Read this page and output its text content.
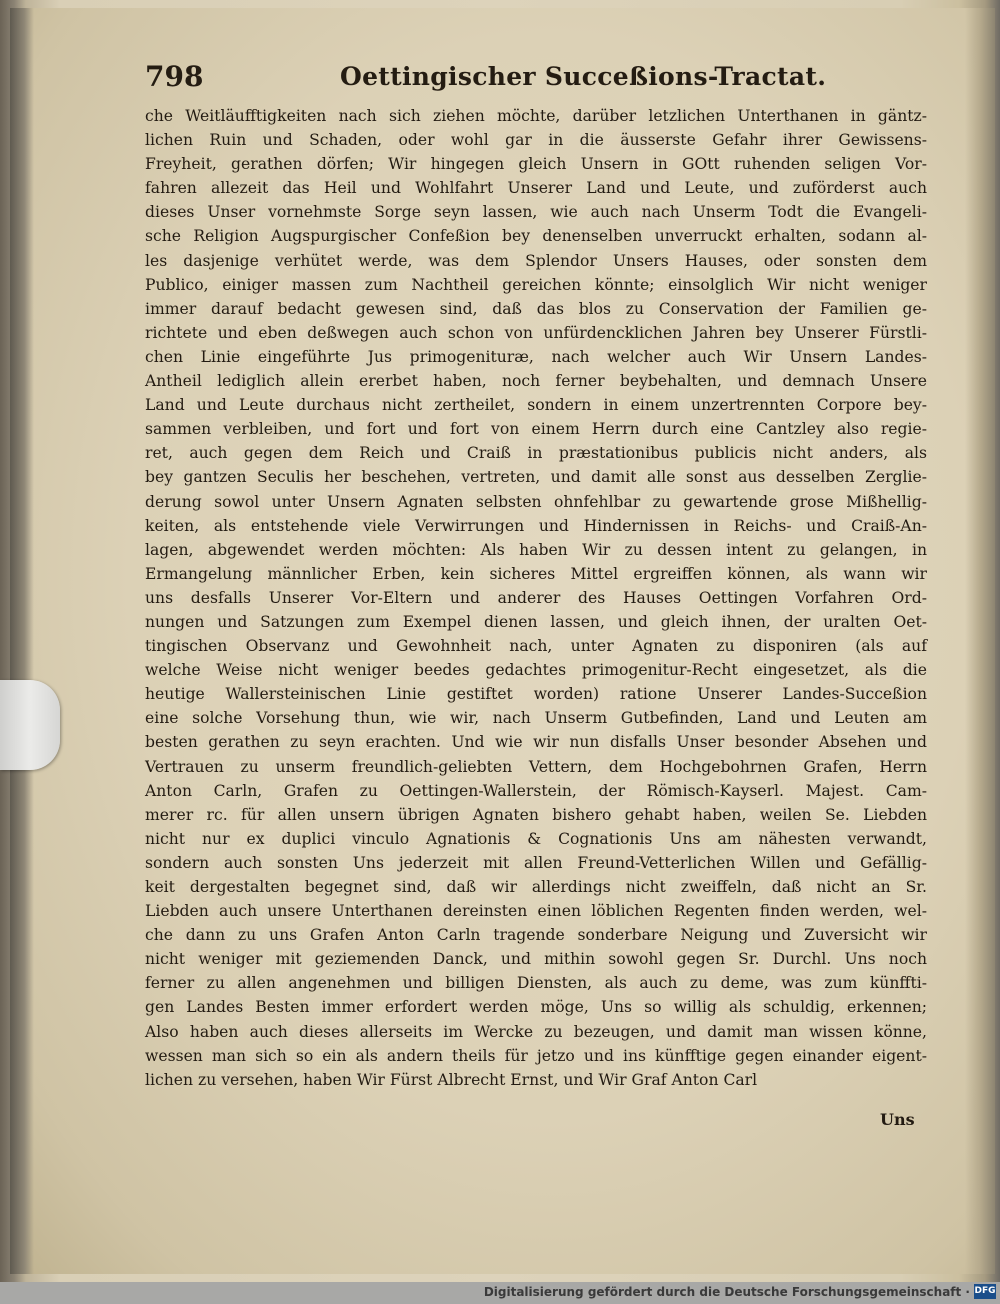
798	Oettingischer Succeßions-Tractat.
che Weitläufftigkeiten nach sich ziehen möchte, darüber letzlichen Unterthanen in gäntz-
lichen Ruin und Schaden, oder wohl gar in die äusserste Gefahr ihrer Gewissens-
Freyheit, gerathen dörfen; Wir hingegen gleich Unsern in GOtt ruhenden seligen Vor-
fahren allezeit das Heil und Wohlfahrt Unserer Land und Leute, und zuförderst auch
dieses Unser vornehmste Sorge seyn lassen, wie auch nach Unserm Todt die Evangeli-
sche Religion Augspurgischer Confeßion bey denenselben unverruckt erhalten, sodann al-
les dasjenige verhütet werde, was dem Splendor Unsers Hauses, oder sonsten dem
Publico, einiger massen zum Nachtheil gereichen könnte; einsolglich Wir nicht weniger
immer darauf bedacht gewesen sind, daß das blos zu Conservation der Familien ge-
richtete und eben deßwegen auch schon von unfürdencklichen Jahren bey Unserer Fürstli-
chen Linie eingeführte Jus primogenituræ, nach welcher auch Wir Unsern Landes-
Antheil lediglich allein ererbet haben, noch ferner beybehalten, und demnach Unsere
Land und Leute durchaus nicht zertheilet, sondern in einem unzertrennten Corpore bey-
sammen verbleiben, und fort und fort von einem Herrn durch eine Cantzley also regie-
ret, auch gegen dem Reich und Craiß in præstationibus publicis nicht anders, als
bey gantzen Seculis her beschehen, vertreten, und damit alle sonst aus desselben Zerglie-
derung sowol unter Unsern Agnaten selbsten ohnfehlbar zu gewartende grose Mißhellig-
keiten, als entstehende viele Verwirrungen und Hindernissen in Reichs- und Craiß-An-
lagen, abgewendet werden möchten: Als haben Wir zu dessen intent zu gelangen, in
Ermangelung männlicher Erben, kein sicheres Mittel ergreiffen können, als wann wir
uns desfalls Unserer Vor-Eltern und anderer des Hauses Oettingen Vorfahren Ord-
nungen und Satzungen zum Exempel dienen lassen, und gleich ihnen, der uralten Oet-
tingischen Observanz und Gewohnheit nach, unter Agnaten zu disponiren (als auf
welche Weise nicht weniger beedes gedachtes primogenitur-Recht eingesetzet, als die
heutige Wallersteinischen Linie gestiftet worden) ratione Unserer Landes-Succeßion
eine solche Vorsehung thun, wie wir, nach Unserm Gutbefinden, Land und Leuten am
besten gerathen zu seyn erachten. Und wie wir nun disfalls Unser besonder Absehen und
Vertrauen zu unserm freundlich-geliebten Vettern, dem Hochgebohrnen Grafen, Herrn
Anton Carln, Grafen zu Oettingen-Wallerstein, der Römisch-Kayserl. Majest. Cam-
merer rc. für allen unsern übrigen Agnaten bishero gehabt haben, weilen Se. Liebden
nicht nur ex duplici vinculo Agnationis & Cognationis Uns am nähesten verwandt,
sondern auch sonsten Uns jederzeit mit allen Freund-Vetterlichen Willen und Gefällig-
keit dergestalten begegnet sind, daß wir allerdings nicht zweiffeln, daß nicht an Sr.
Liebden auch unsere Unterthanen dereinsten einen löblichen Regenten finden werden, wel-
che dann zu uns Grafen Anton Carln tragende sonderbare Neigung und Zuversicht wir
nicht weniger mit geziemenden Danck, und mithin sowohl gegen Sr. Durchl. Uns noch
ferner zu allen angenehmen und billigen Diensten, als auch zu deme, was zum künffti-
gen Landes Besten immer erfordert werden möge, Uns so willig als schuldig, erkennen;
Also haben auch dieses allerseits im Wercke zu bezeugen, und damit man wissen könne,
wessen man sich so ein als andern theils für jetzo und ins künfftige gegen einander eigent-
lichen zu versehen, haben Wir Fürst Albrecht Ernst, und Wir Graf Anton Carl
Uns
Digitalisierung gefördert durch die Deutsche Forschungsgemeinschaft · DFG
